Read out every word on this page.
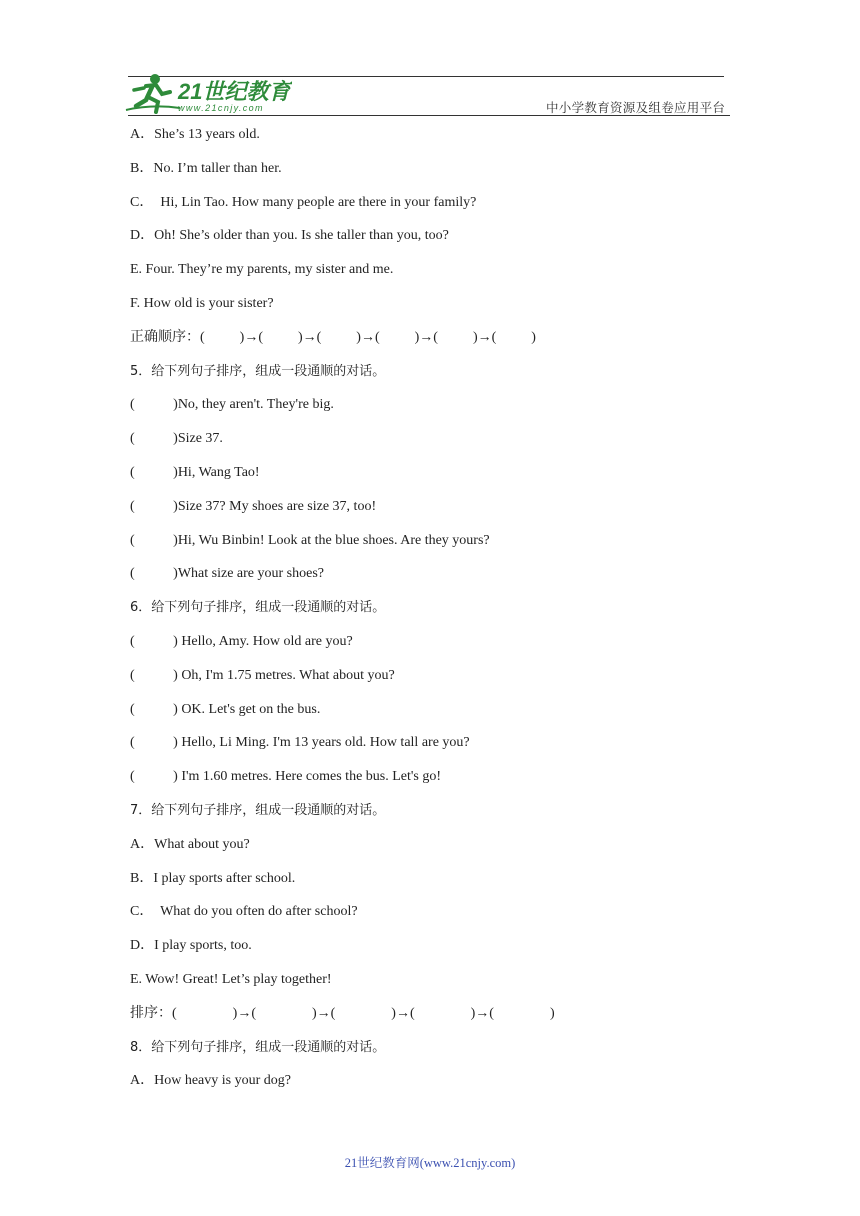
21世纪教育
www.21cnjy.com	中小学教育资源及组卷应用平台
A．She’s 13 years old.
B．No. I’m taller than her.
C．  Hi, Lin Tao. How many people are there in your family?
D．Oh! She’s older than you. Is she taller than you, too?
E. Four. They’re my parents, my sister and me.
F. How old is your sister?
正确顺序：(          )→(          )→(          )→(          )→(          )→(          )
5．给下列句子排序，组成一段通顺的对话。
(           )No, they aren't. They're big.
(           )Size 37.
(           )Hi, Wang Tao!
(           )Size 37? My shoes are size 37, too!
(           )Hi, Wu Binbin! Look at the blue shoes. Are they yours?
(           )What size are your shoes?
6．给下列句子排序，组成一段通顺的对话。
(           ) Hello, Amy. How old are you?
(           ) Oh, I'm 1.75 metres. What about you?
(           ) OK. Let's get on the bus.
(           ) Hello, Li Ming. I'm 13 years old. How tall are you?
(           ) I'm 1.60 metres. Here comes the bus. Let's go!
7．给下列句子排序，组成一段通顺的对话。
A．What about you?
B．I play sports after school.
C．  What do you often do after school?
D．I play sports, too.
E. Wow! Great! Let’s play together!
排序：(                )→(                )→(                )→(                )→(                )
8．给下列句子排序，组成一段通顺的对话。
A．How heavy is your dog?
21世纪教育网(www.21cnjy.com)
